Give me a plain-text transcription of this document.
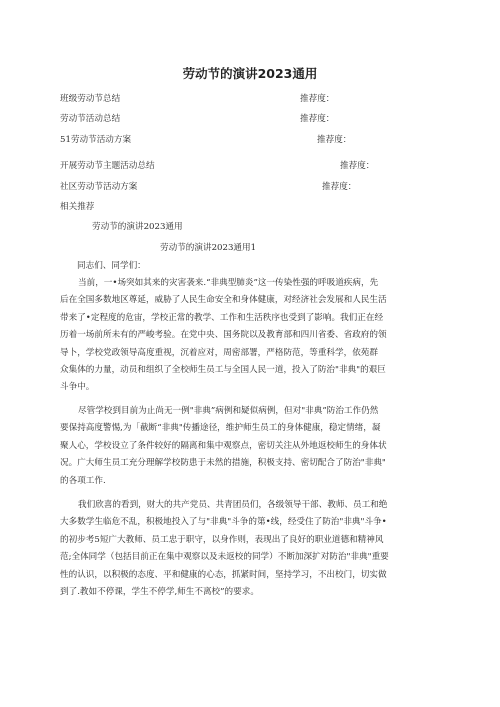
劳动节的演讲2023通用
班级劳动节总结	推荐度：
劳动节活动总结	推荐度：
51劳动节活动方案	推荐度：
开展劳动节主题活动总结	推荐度：
社区劳动节活动方案	推荐度：
相关推荐
劳动节的演讲2023通用
劳动节的演讲2023通用1
同志们、同学们：
当前，一•场突如其来的灾害袭来.“非典型肺炎”这一传染性强的呼吸道疾病，先
后在全国多数地区尊延，威胁了人民生命安全和身体健康，对经济社会发展和人民生活
带来了•定程度的危宙，学校正常的教学、工作和生活秩序也受到了影响。我们正在经
历着一场前所未有的严峻考验。在党中央、国务院以及教育部和四川省委、省政府的领
导卜，学校党政领导高度重视，沉着应对，周密部署，严格防范，等重科学，依苑群
众集体的力量，动员和组织了全校师生员工与全国人民一道，投入了防治"非典"的艰巨
斗争中。
尽管学校到目前为止尚无一例"非典”病例和疑似病例，但对"非典”防治工作仍然
要保持高度警惕,为「截断“非典"传播途径，维护师生员工的身体健康，稳定情绪，凝
聚人心，学校设立了条件较好的隔离和集中观察点，密切关注从外地返校师生的身体状
况。广大师生员工充分理解学校防患于未然的措施，积极支持、密切配合了防治"非典"
的各项工作.
我们欣喜的看到，财大的共产党员、共青团员们，各级领导干部、教师、员工和绝
大多数学生临危不乱，积极地投入了与"非典"斗争的第•线，经受住了防治"非典"斗争•
的初步考5短广大教师、员工忠于职守，以身作则，表现出了良好的职业道德和精神风
范;全体同学（包括目前正在集中观察以及未返校的同学）不断加深扩对防治"非典"重要
性的认识，以积极的态度、平和健康的心态，抓紧时间，坚持学习，不出校门，切实做
到了.教如不停课，学生不停学,师生不离校”的要求。
